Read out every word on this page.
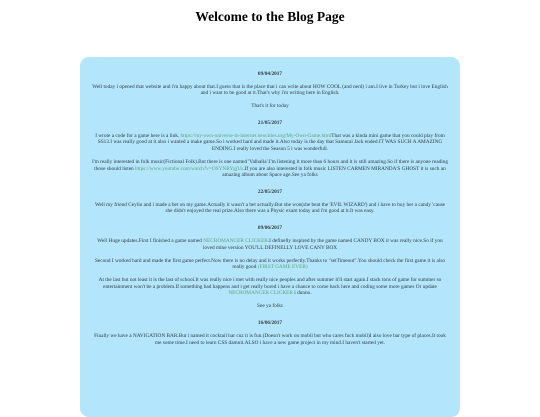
Welcome to the Blog Page
09/04/2017
Well today i opened that website and i'm happy about that.I guess that is the place that i can write about HOW COOL (and nerd) i am.I live in Turkey but i love English and i want to be good at it.That's why i'm writing here in English.
That's it for today
21/05/2017
I wrote a code for a game here is a link. https://my-own-universe-in-internet.neocities.org/My-Own-Game.htmlThat was a kinda mini game that you could play from SS13.I was really good at it also i wanted a make game.So i worked hard and made it.Also today is the day that Samurai Jack ended.IT WAS SUCH A AMAZING ENDING.I really loved the Season 5 i was wonderfull.
I'm really interested in folk music(Fictional Folk).But there is one named 'Valhalla'.I'm listening it more than 6 hours and it is still amazing.So if there is anyone reading those should listen https://www.youtube.com/watch?v=OSYNRYgjUs.If you are also interested in folk music LISTEN CARMEN MIRANDA'S GHOST it is such an amazing album about Space age.See ya folks
22/05/2017
Well my friend Ceylin and i made a bet on my game.Actually it wasn't a bet actually.But she won(she beat the 'EVIL WIZARD') and i have to buy her a candy 'cause she didn't enjoyed the real prize.Also there was a Physic exam today and i'm good at it.It was easy.
09/06/2017
Well Huge updates.First I finished a game named NECROMANCER CLICKER.I definelly inspired by the game named CANDY BOX it was really nice.So if you loved mine version YOU'LL DEFINELLY LOVE CANY BOX
Second I worked hard and made the first game perfect.Now there is no delay and it works perfectly.Thanks to "setTimeout".You should check the first game it is also really good (FIRST GAME EVER)
At the last but not least it is the last of school.It was really nice i met with really nice peoples and after summer it'll start again.I stack tons of game for summer so entertainment won't be a problem.If something bad happens and i get really bored i have a chance to come back here and coding some more games Or update NECROMANCER CLICKER i dunno.
See ya folks
16/06/2017
Finally we have a NAVIGATION BAR.But i named it cocktail bar cuz it is fun.(Doesn't work on mobil but who cares fuck mobil)I also love bar type of places.It took me some time.I need to learn CSS damnit.ALSO i have a new game project in my mind.I haven't started yet.
